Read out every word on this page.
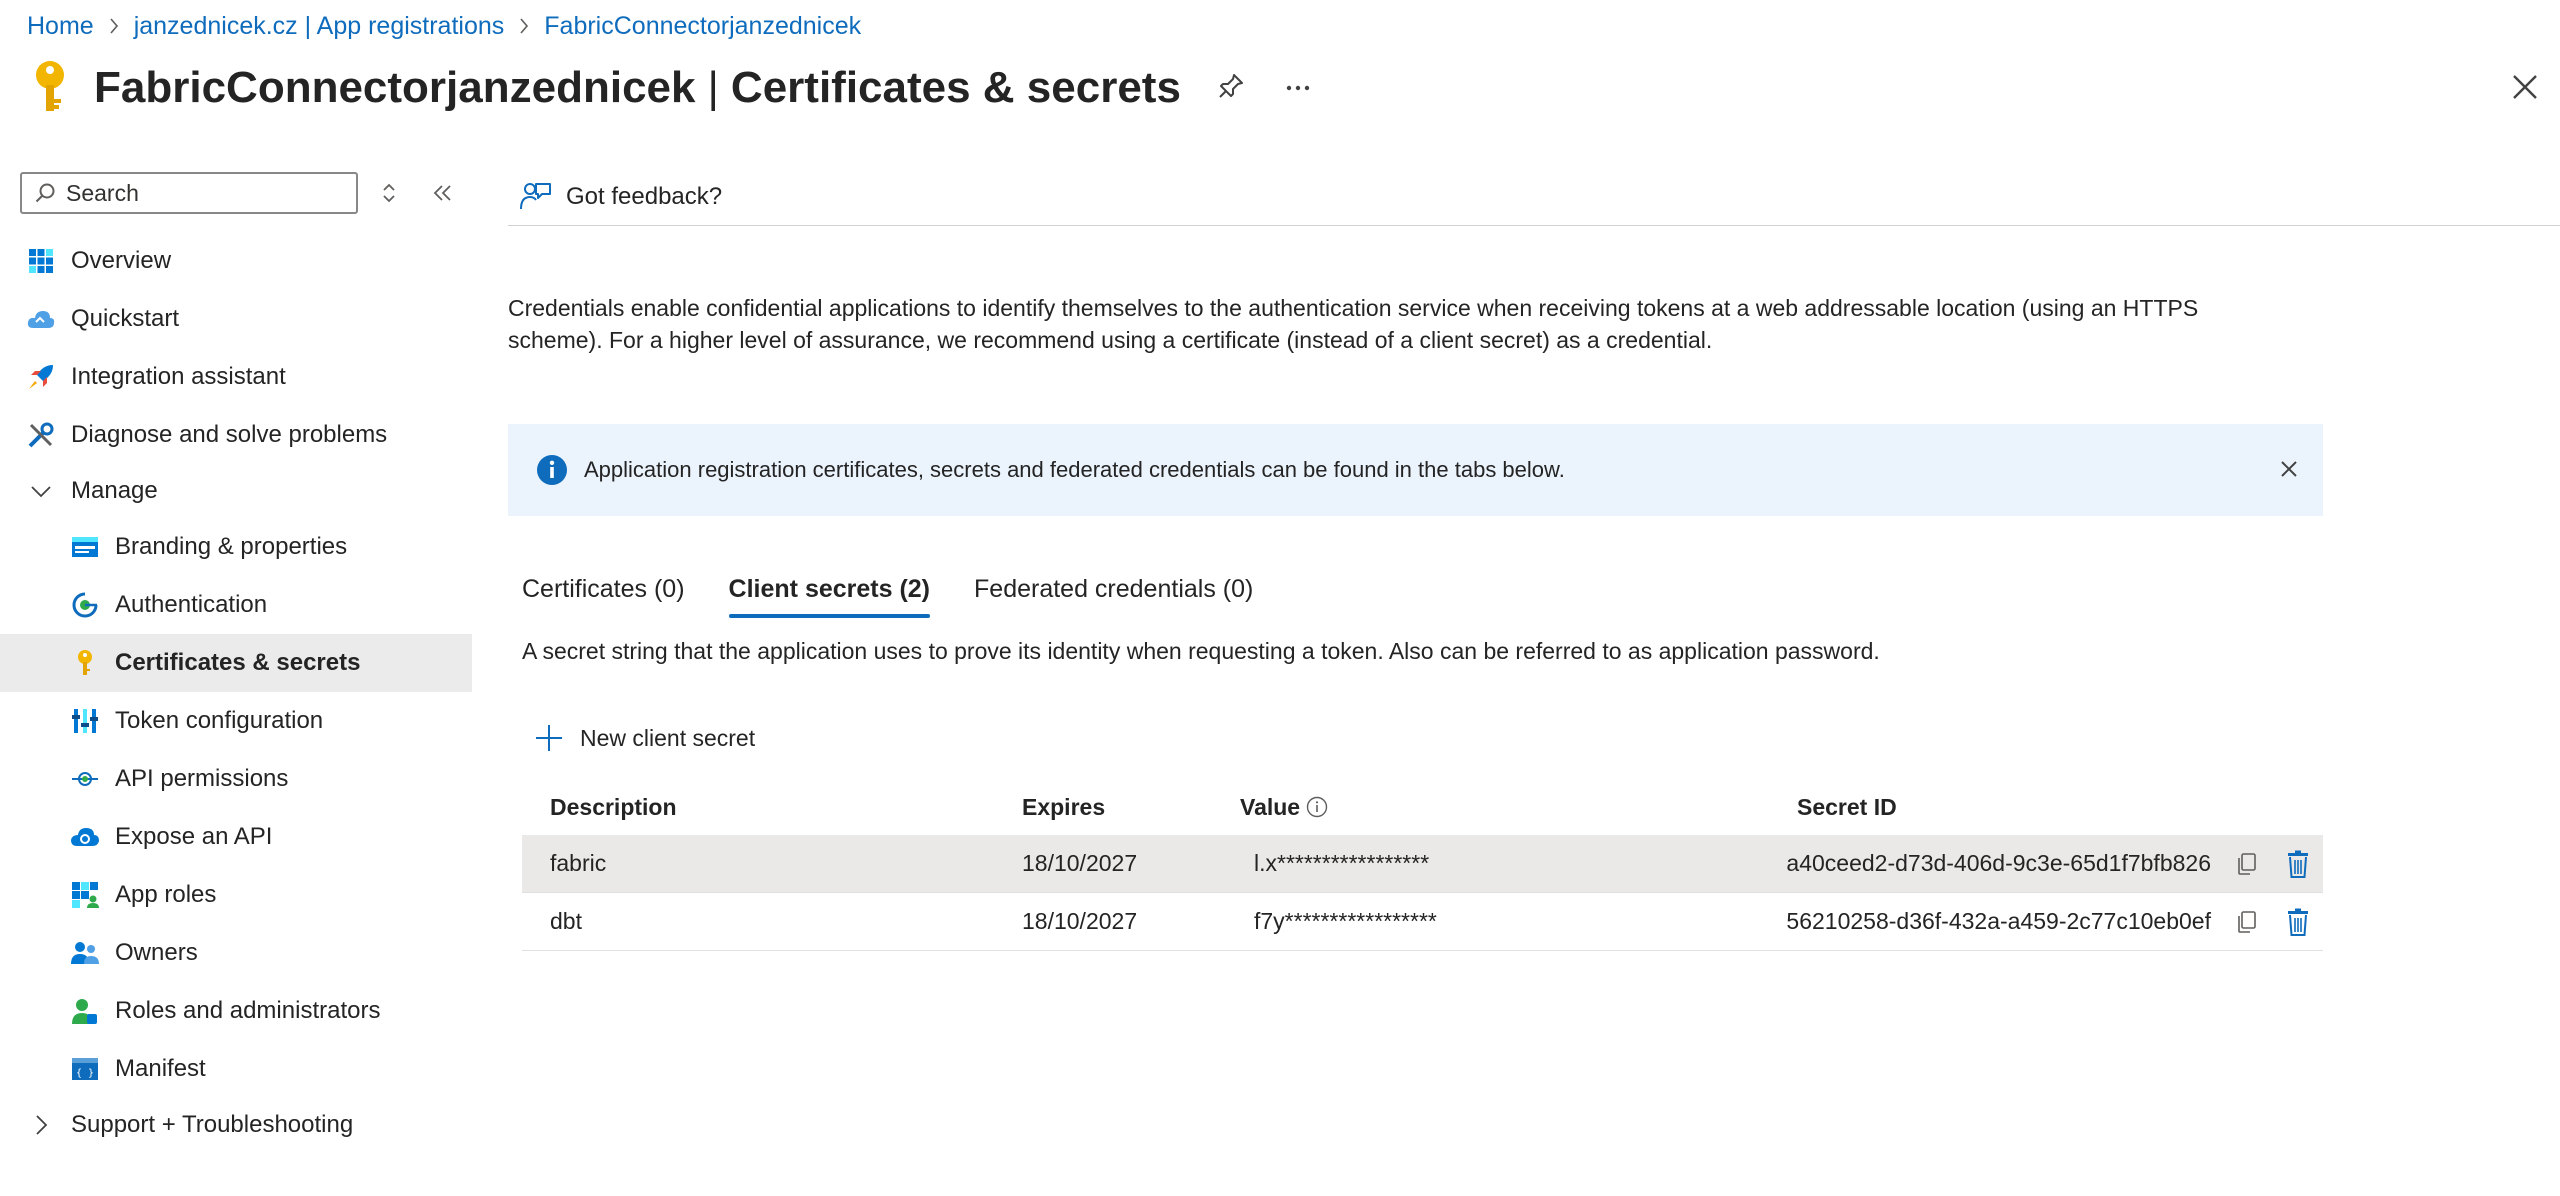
Home janzednicek.cz | App registrations FabricConnectorjanzednicek
FabricConnectorjanzednicek | Certificates & secrets
Search
Overview
Quickstart
Integration assistant
Diagnose and solve problems
Manage
Branding & properties
Authentication
Certificates & secrets
Token configuration
API permissions
Expose an API
App roles
Owners
Roles and administrators
{ } Manifest
Support + Troubleshooting
Got feedback?

Credentials enable confidential applications to identify themselves to the authentication service when receiving tokens at a web addressable location (using an HTTPS scheme). For a higher level of assurance, we recommend using a certificate (instead of a client secret) as a credential.

Application registration certificates, secrets and federated credentials can be found in the tabs below.
Certificates (0) Client secrets (2) Federated credentials (0)

A secret string that the application uses to prove its identity when requesting a token. Also can be referred to as application password.

New client secret
Description	Expires	Value	Secret ID
fabric	18/10/2027	l.x*****************	a40ceed2-d73d-406d-9c3e-65d1f7bfb826
dbt	18/10/2027	f7y*****************	56210258-d36f-432a-a459-2c77c10eb0ef
